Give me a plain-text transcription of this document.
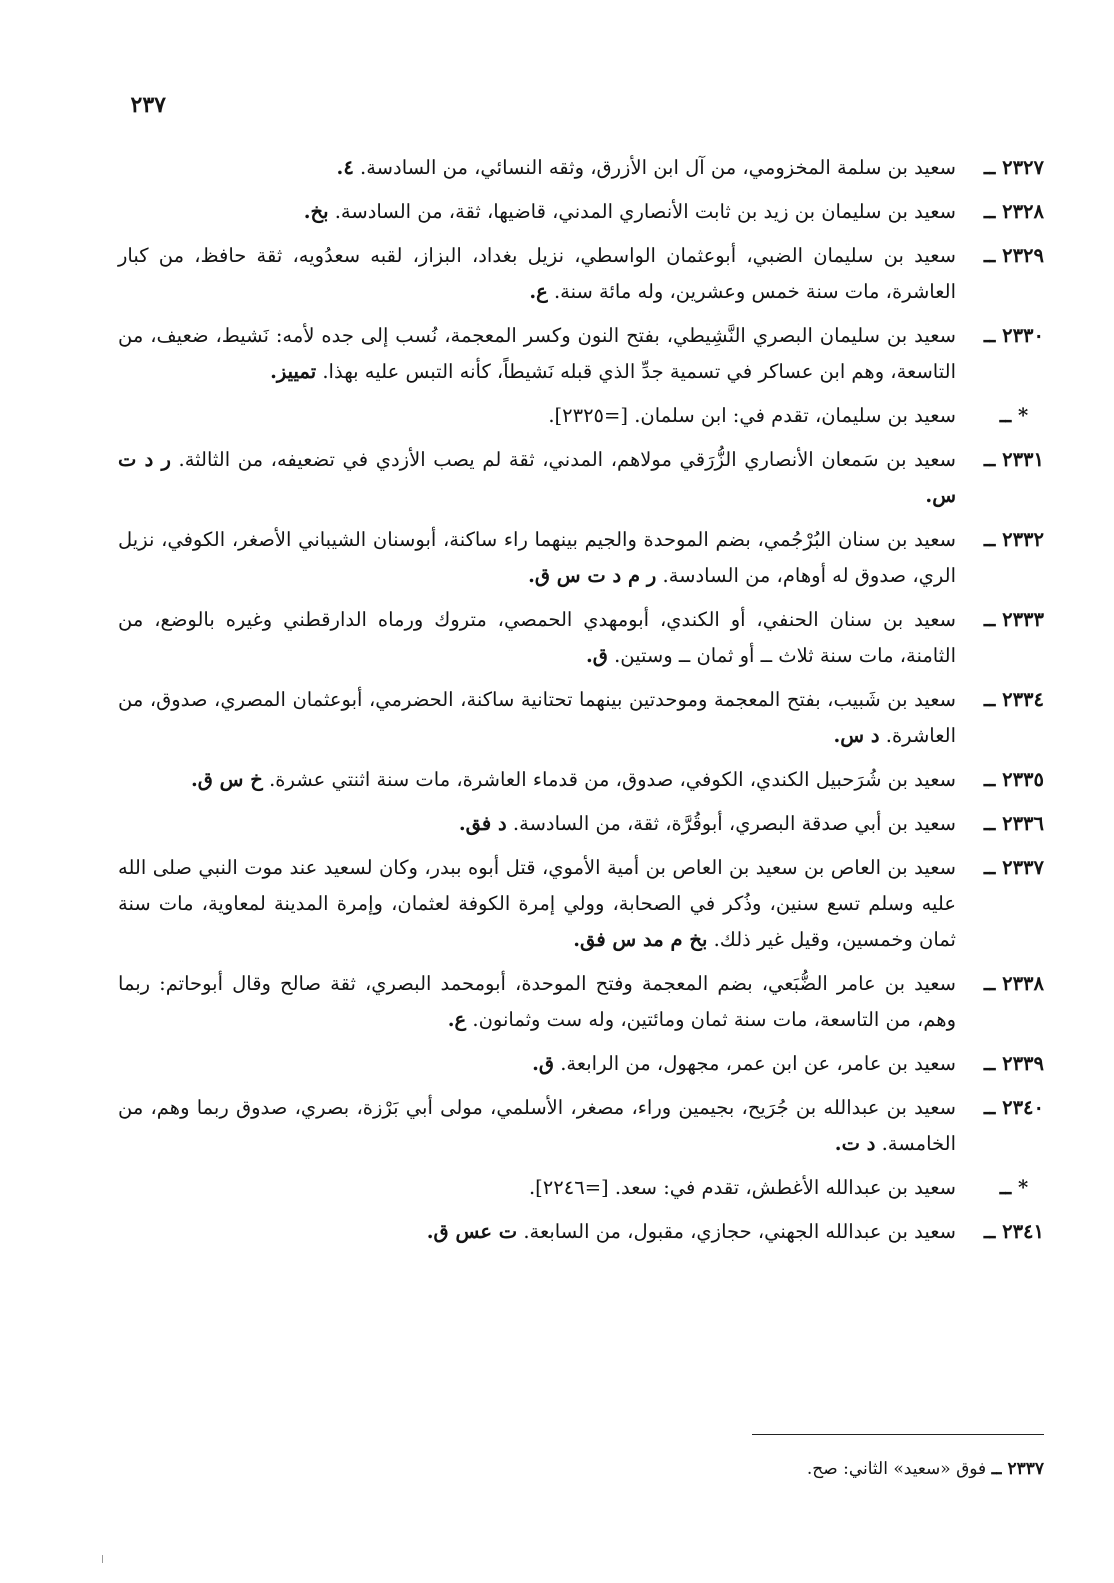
٢٣٧
٢٣٢٧ ــ
سعيد بن سلمة المخزومي، من آل ابن الأزرق، وثقه النسائي، من السادسة. ٤.
٢٣٢٨ ــ
سعيد بن سليمان بن زيد بن ثابت الأنصاري المدني، قاضيها، ثقة، من السادسة. بخ.
٢٣٢٩ ــ
سعيد بن سليمان الضبي، أبوعثمان الواسطي، نزيل بغداد، البزاز، لقبه سعدُويه، ثقة حافظ، من كبار العاشرة، مات سنة خمس وعشرين، وله مائة سنة. ع.
٢٣٣٠ ــ
سعيد بن سليمان البصري النَّشِيطي، بفتح النون وكسر المعجمة، نُسب إلى جده لأمه: نَشيط، ضعيف، من التاسعة، وهم ابن عساكر في تسمية جدِّ الذي قبله نَشيطاً، كأنه التبس عليه بهذا. تمييز.
* ــ
سعيد بن سليمان، تقدم في: ابن سلمان. [=٢٣٢٥].
٢٣٣١ ــ
سعيد بن سَمعان الأنصاري الزُّرَقي مولاهم، المدني، ثقة لم يصب الأزدي في تضعيفه، من الثالثة. ر د ت س.
٢٣٣٢ ــ
سعيد بن سنان البُرْجُمي، بضم الموحدة والجيم بينهما راء ساكنة، أبوسنان الشيباني الأصغر، الكوفي، نزيل الري، صدوق له أوهام، من السادسة. ر م د ت س ق.
٢٣٣٣ ــ
سعيد بن سنان الحنفي، أو الكندي، أبومهدي الحمصي، متروك ورماه الدارقطني وغيره بالوضع، من الثامنة، مات سنة ثلاث ــ أو ثمان ــ وستين. ق.
٢٣٣٤ ــ
سعيد بن شَبيب، بفتح المعجمة وموحدتين بينهما تحتانية ساكنة، الحضرمي، أبوعثمان المصري، صدوق، من العاشرة. د س.
٢٣٣٥ ــ
سعيد بن شُرَحبيل الكندي، الكوفي، صدوق، من قدماء العاشرة، مات سنة اثنتي عشرة. خ س ق.
٢٣٣٦ ــ
سعيد بن أبي صدقة البصري، أبوقُرَّة، ثقة، من السادسة. د فق.
٢٣٣٧ ــ
سعيد بن العاص بن سعيد بن العاص بن أمية الأموي، قتل أبوه ببدر، وكان لسعيد عند موت النبي صلى الله عليه وسلم تسع سنين، وذُكر في الصحابة، وولي إمرة الكوفة لعثمان، وإمرة المدينة لمعاوية، مات سنة ثمان وخمسين، وقيل غير ذلك. بخ م مد س فق.
٢٣٣٨ ــ
سعيد بن عامر الضُّبَعي، بضم المعجمة وفتح الموحدة، أبومحمد البصري، ثقة صالح وقال أبوحاتم: ربما وهم، من التاسعة، مات سنة ثمان ومائتين، وله ست وثمانون. ع.
٢٣٣٩ ــ
سعيد بن عامر، عن ابن عمر، مجهول، من الرابعة. ق.
٢٣٤٠ ــ
سعيد بن عبدالله بن جُرَيح، بجيمين وراء، مصغر، الأسلمي، مولى أبي بَرْزة، بصري، صدوق ربما وهم، من الخامسة. د ت.
* ــ
سعيد بن عبدالله الأغطش، تقدم في: سعد. [=٢٢٤٦].
٢٣٤١ ــ
سعيد بن عبدالله الجهني، حجازي، مقبول، من السابعة. ت عس ق.
٢٣٣٧ ــ فوق «سعيد» الثاني: صح.
